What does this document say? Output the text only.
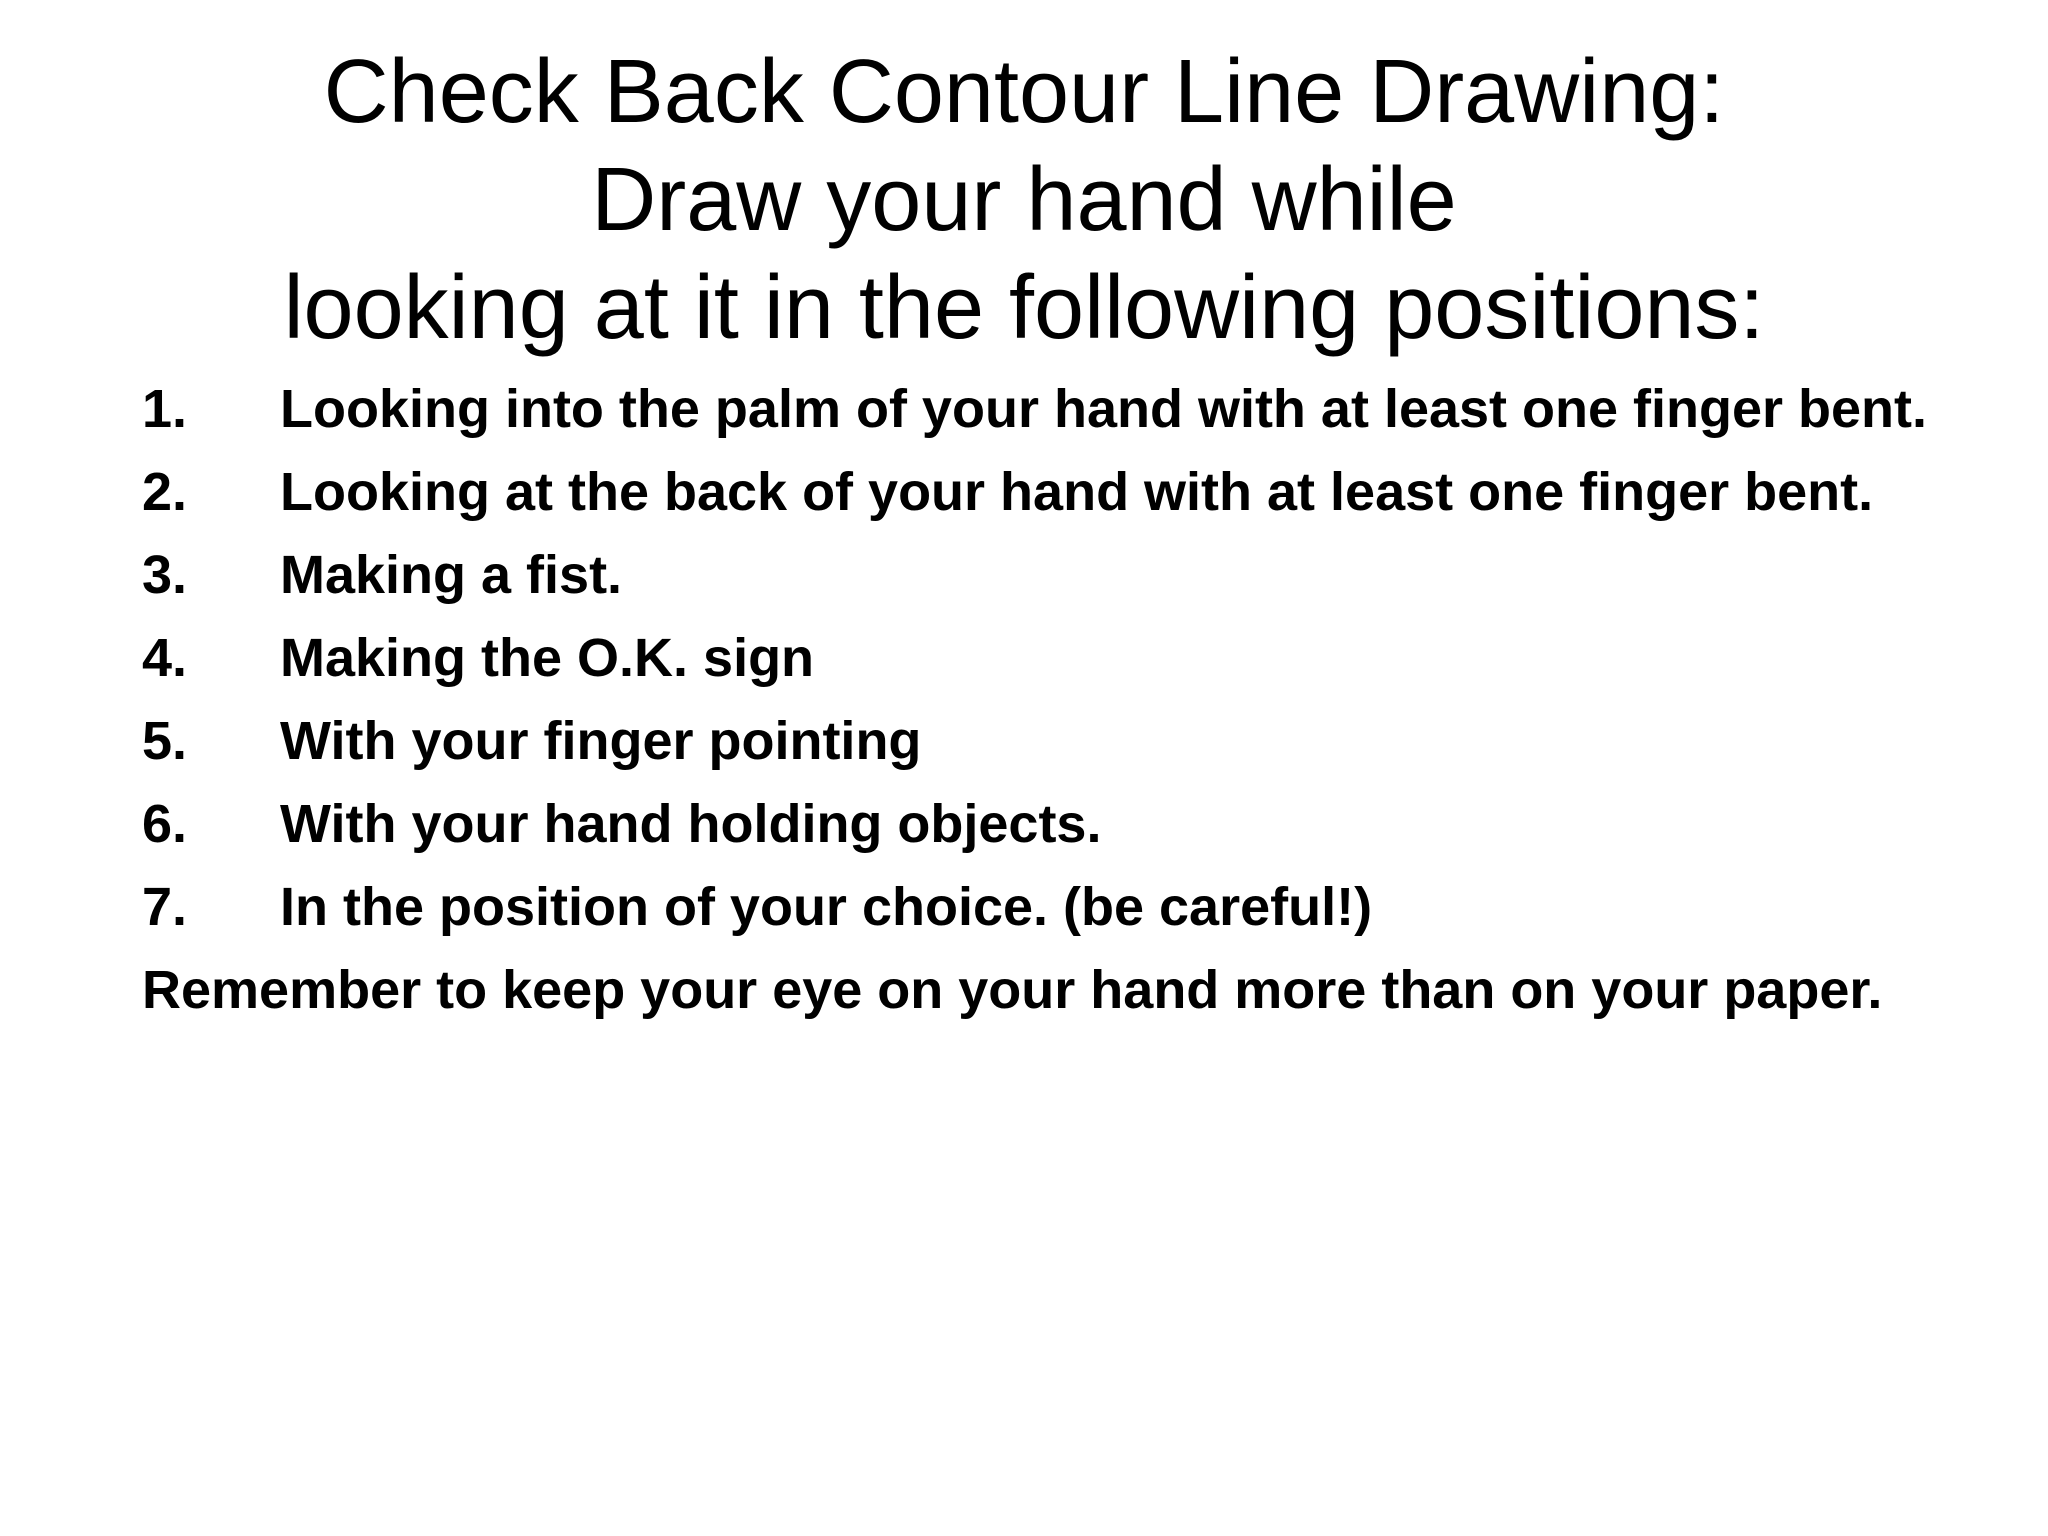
Check Back Contour Line Drawing:
Draw your hand while
looking at it in the following positions:
1. Looking into the palm of your hand with at least one finger bent.
2. Looking at the back of your hand with at least one finger bent.
3. Making a fist.
4. Making the O.K. sign
5. With your finger pointing
6. With your hand holding objects.
7. In the position of your choice. (be careful!)
Remember to keep your eye on your hand more than on your paper.
